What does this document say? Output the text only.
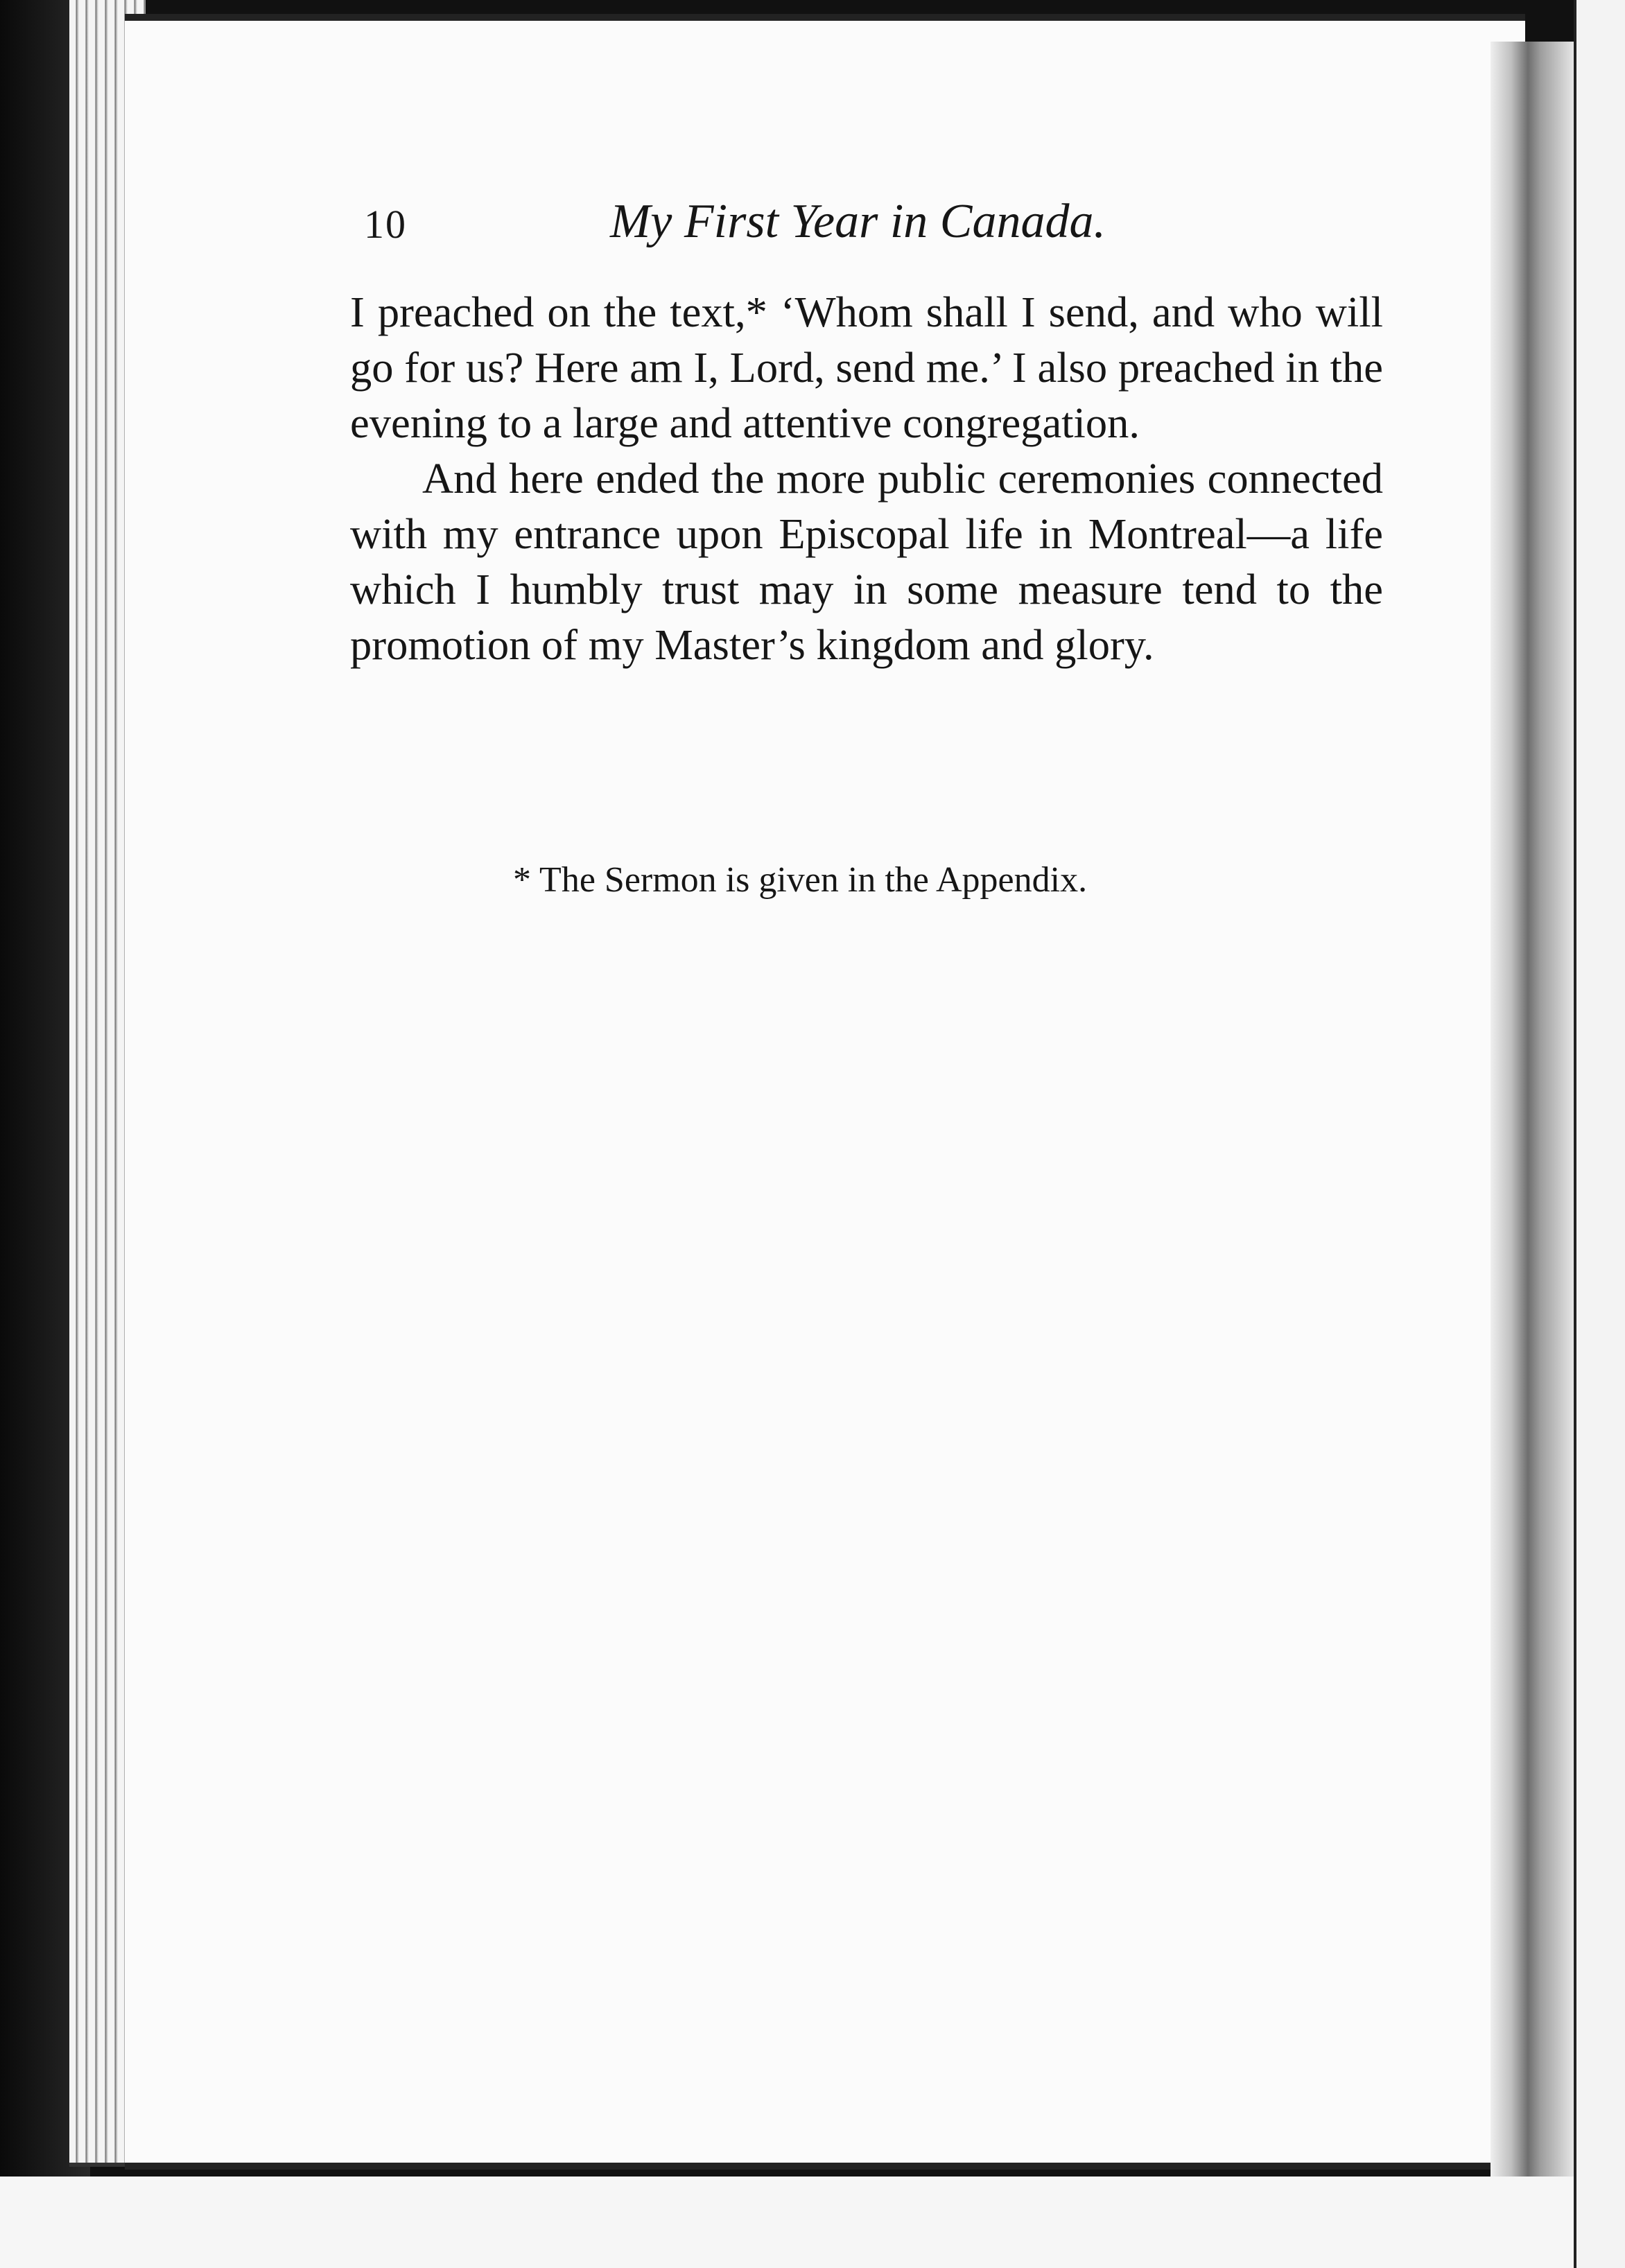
10	My First Year in Canada.

I preached on the text,* ‘Whom shall I send, and who will go for us? Here am I, Lord, send me.’ I also preached in the evening to a large and attentive congregation.

And here ended the more public ceremonies connected with my entrance upon Episcopal life in Montreal—a life which I humbly trust may in some measure tend to the promotion of my Master’s kingdom and glory.

* The Sermon is given in the Appendix.
